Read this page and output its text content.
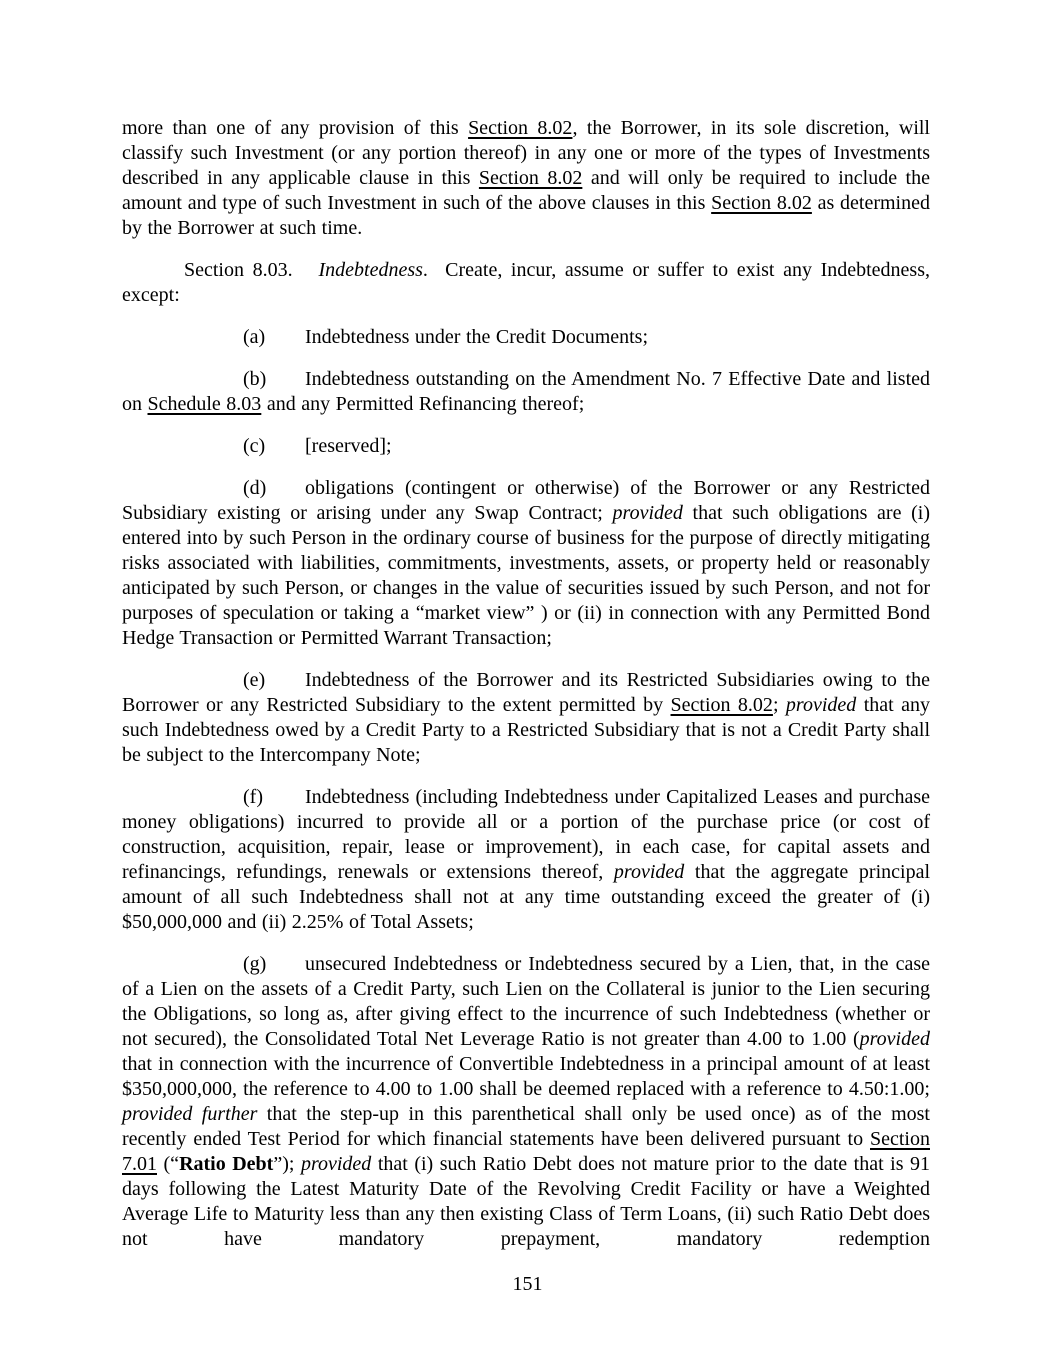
more than one of any provision of this Section 8.02, the Borrower, in its sole discretion, will classify such Investment (or any portion thereof) in any one or more of the types of Investments described in any applicable clause in this Section 8.02 and will only be required to include the amount and type of such Investment in such of the above clauses in this Section 8.02 as determined by the Borrower at such time.

Section 8.03.   Indebtedness.  Create, incur, assume or suffer to exist any Indebtedness, except:

(a) Indebtedness under the Credit Documents;

(b) Indebtedness outstanding on the Amendment No. 7 Effective Date and listed on Schedule 8.03 and any Permitted Refinancing thereof;

(c) [reserved];

(d) obligations (contingent or otherwise) of the Borrower or any Restricted Subsidiary existing or arising under any Swap Contract; provided that such obligations are (i) entered into by such Person in the ordinary course of business for the purpose of directly mitigating risks associated with liabilities, commitments, investments, assets, or property held or reasonably anticipated by such Person, or changes in the value of securities issued by such Person, and not for purposes of speculation or taking a “market view” ) or (ii) in connection with any Permitted Bond Hedge Transaction or Permitted Warrant Transaction;

(e) Indebtedness of the Borrower and its Restricted Subsidiaries owing to the Borrower or any Restricted Subsidiary to the extent permitted by Section 8.02; provided that any such Indebtedness owed by a Credit Party to a Restricted Subsidiary that is not a Credit Party shall be subject to the Intercompany Note;

(f) Indebtedness (including Indebtedness under Capitalized Leases and purchase money obligations) incurred to provide all or a portion of the purchase price (or cost of construction, acquisition, repair, lease or improvement), in each case, for capital assets and refinancings, refundings, renewals or extensions thereof, provided that the aggregate principal amount of all such Indebtedness shall not at any time outstanding exceed the greater of (i) $50,000,000 and (ii) 2.25% of Total Assets;

(g) unsecured Indebtedness or Indebtedness secured by a Lien, that, in the case of a Lien on the assets of a Credit Party, such Lien on the Collateral is junior to the Lien securing the Obligations, so long as, after giving effect to the incurrence of such Indebtedness (whether or not secured), the Consolidated Total Net Leverage Ratio is not greater than 4.00 to 1.00 (provided that in connection with the incurrence of Convertible Indebtedness in a principal amount of at least $350,000,000, the reference to 4.00 to 1.00 shall be deemed replaced with a reference to 4.50:1.00; provided further that the step-up in this parenthetical shall only be used once) as of the most recently ended Test Period for which financial statements have been delivered pursuant to Section 7.01 (“Ratio Debt”); provided that (i) such Ratio Debt does not mature prior to the date that is 91 days following the Latest Maturity Date of the Revolving Credit Facility or have a Weighted Average Life to Maturity less than any then existing Class of Term Loans, (ii) such Ratio Debt does not have mandatory prepayment, mandatory redemption

151
